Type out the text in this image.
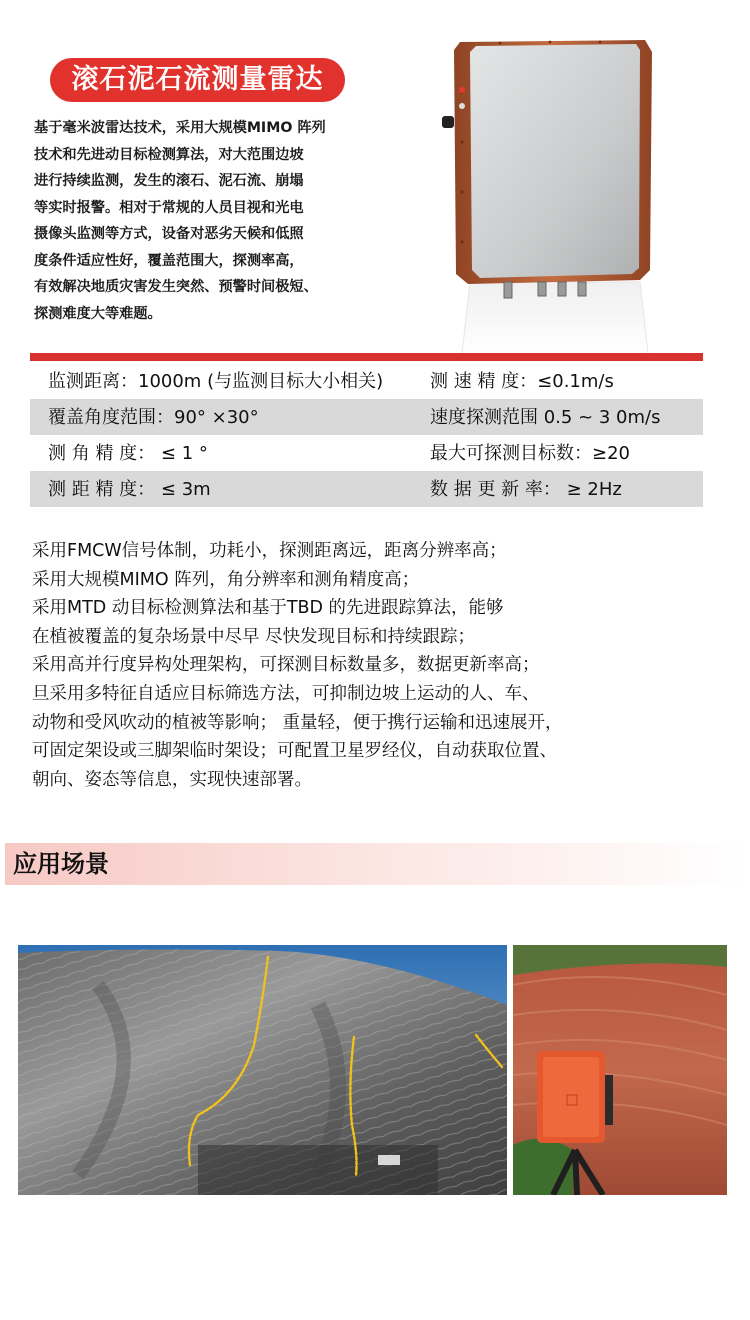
滚石泥石流测量雷达
基于毫米波雷达技术，采用大规模MIMO 阵列
技术和先进动目标检测算法，对大范围边坡
进行持续监测，发生的滚石、泥石流、崩塌
等实时报警。相对于常规的人员目视和光电
摄像头监测等方式，设备对恶劣天候和低照
度条件适应性好，覆盖范围大，探测率高，
有效解决地质灾害发生突然、预警时间极短、
探测难度大等难题。
监测距离：1000m (与监测目标大小相关)	测 速 精 度：≤0.1m/s
覆盖角度范围：90° ×30°	速度探测范围 0.5 ~ 3 0m/s
测 角 精 度： ≤ 1 °	最大可探测目标数：≥20
测 距 精 度： ≤ 3m	数 据 更 新 率： ≥ 2Hz
采用FMCW信号体制，功耗小，探测距离远，距离分辨率高；
采用大规模MIMO 阵列，角分辨率和测角精度高；
采用MTD 动目标检测算法和基于TBD 的先进跟踪算法，能够
在植被覆盖的复杂场景中尽早 尽快发现目标和持续跟踪；
采用高并行度异构处理架构，可探测目标数量多，数据更新率高；
旦采用多特征自适应目标筛选方法，可抑制边坡上运动的人、车、
动物和受风吹动的植被等影响； 重量轻，便于携行运输和迅速展开，
可固定架设或三脚架临时架设；可配置卫星罗经仪，自动获取位置、
朝向、姿态等信息，实现快速部署。
应用场景
